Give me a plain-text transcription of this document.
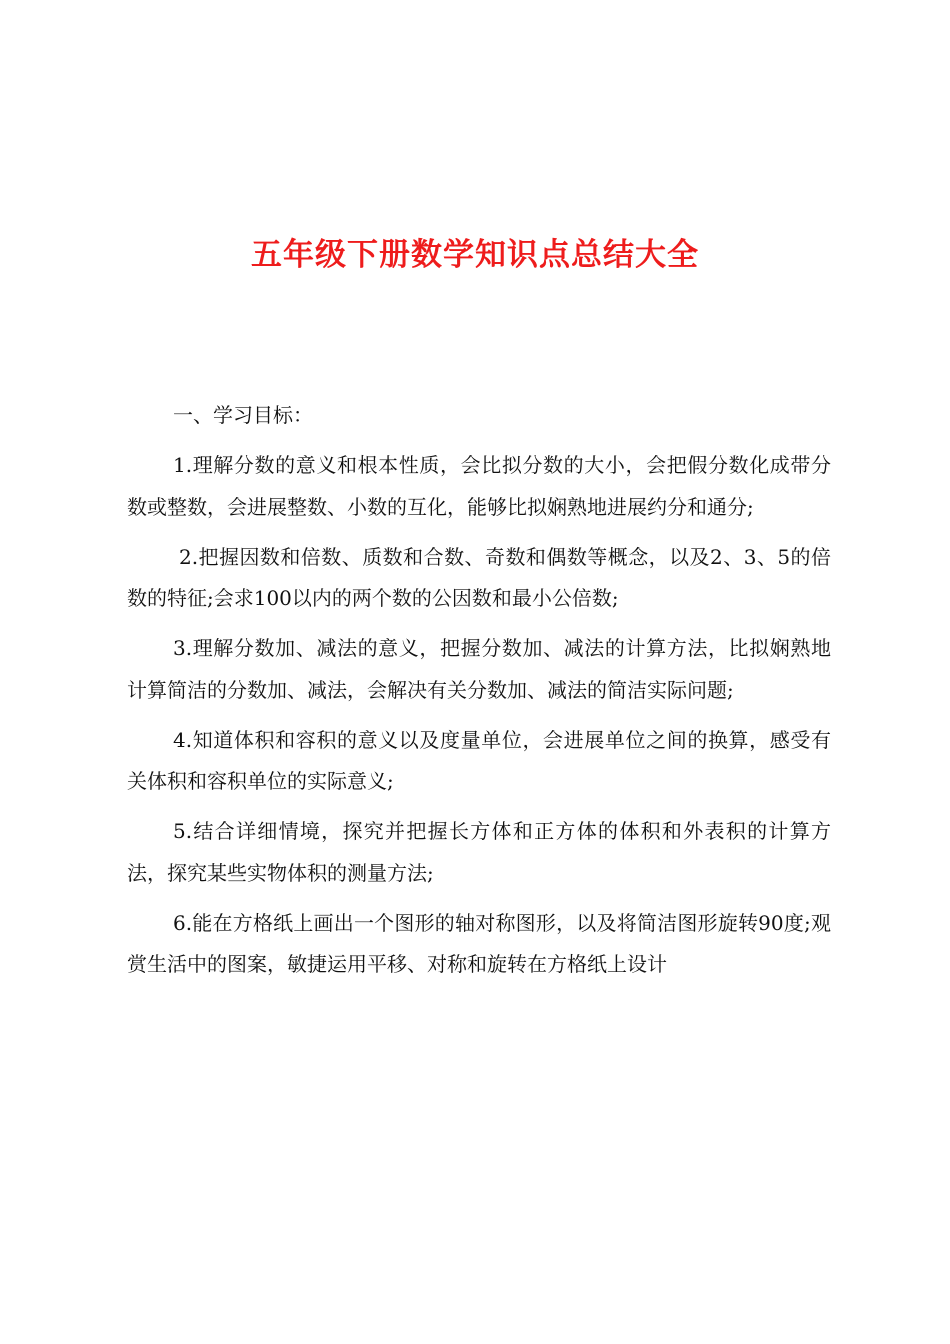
五年级下册数学知识点总结大全

一、学习目标：

1.理解分数的意义和根本性质，会比拟分数的大小，会把假分数化成带分数或整数，会进展整数、小数的互化，能够比拟娴熟地进展约分和通分;

2.把握因数和倍数、质数和合数、奇数和偶数等概念，以及2、3、5的倍数的特征;会求100以内的两个数的公因数和最小公倍数;

3.理解分数加、减法的意义，把握分数加、减法的计算方法，比拟娴熟地计算简洁的分数加、减法，会解决有关分数加、减法的简洁实际问题;

4.知道体积和容积的意义以及度量单位，会进展单位之间的换算，感受有关体积和容积单位的实际意义;

5.结合详细情境，探究并把握长方体和正方体的体积和外表积的计算方法，探究某些实物体积的测量方法;

6.能在方格纸上画出一个图形的轴对称图形，以及将简洁图形旋转90度;观赏生活中的图案，敏捷运用平移、对称和旋转在方格纸上设计
